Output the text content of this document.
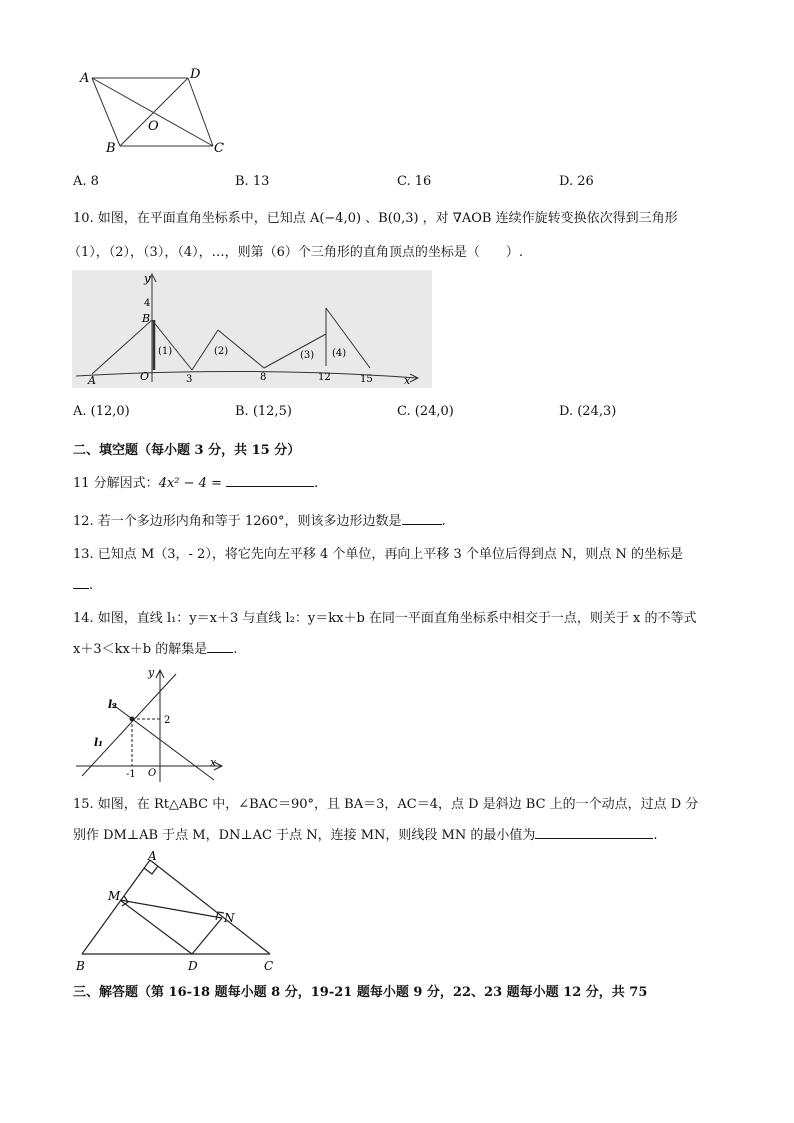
A	D
O
B	C
A. 8	B. 13	C. 16	D. 26
10. 如图，在平面直角坐标系中，已知点 A(−4,0) 、B(0,3) ，对 ∇AOB 连续作旋转变换依次得到三角形
（1），（2），（3），（4），…，则第（6）个三角形的直角顶点的坐标是（　　）.
y
4
B
A	O	3	8	12	15	x
(1)	(2)	(3) (4)
A. (12,0)	B. (12,5)	C. (24,0)	D. (24,3)
二、填空题（每小题 3 分，共 15 分）
11 分解因式：4x² − 4 =	.
12. 若一个多边形内角和等于 1260°，则该多边形边数是	.
13. 已知点 M（3，- 2），将它先向左平移 4 个单位，再向上平移 3 个单位后得到点 N，则点 N 的坐标是
.
14. 如图，直线 l₁：y＝x＋3 与直线 l₂：y＝kx＋b 在同一平面直角坐标系中相交于一点，则关于 x 的不等式
x＋3＜kx＋b 的解集是 .
y
l₂
2
l₁
-1 O
x
15. 如图，在 Rt△ABC 中，∠BAC＝90°，且 BA＝3，AC＝4，点 D 是斜边 BC 上的一个动点，过点 D 分
别作 DM⊥AB 于点 M，DN⊥AC 于点 N，连接 MN，则线段 MN 的最小值为	.
A
M
N
B	D	C
三、解答题（第 16-18 题每小题 8 分，19-21 题每小题 9 分，22、23 题每小题 12 分，共 75
